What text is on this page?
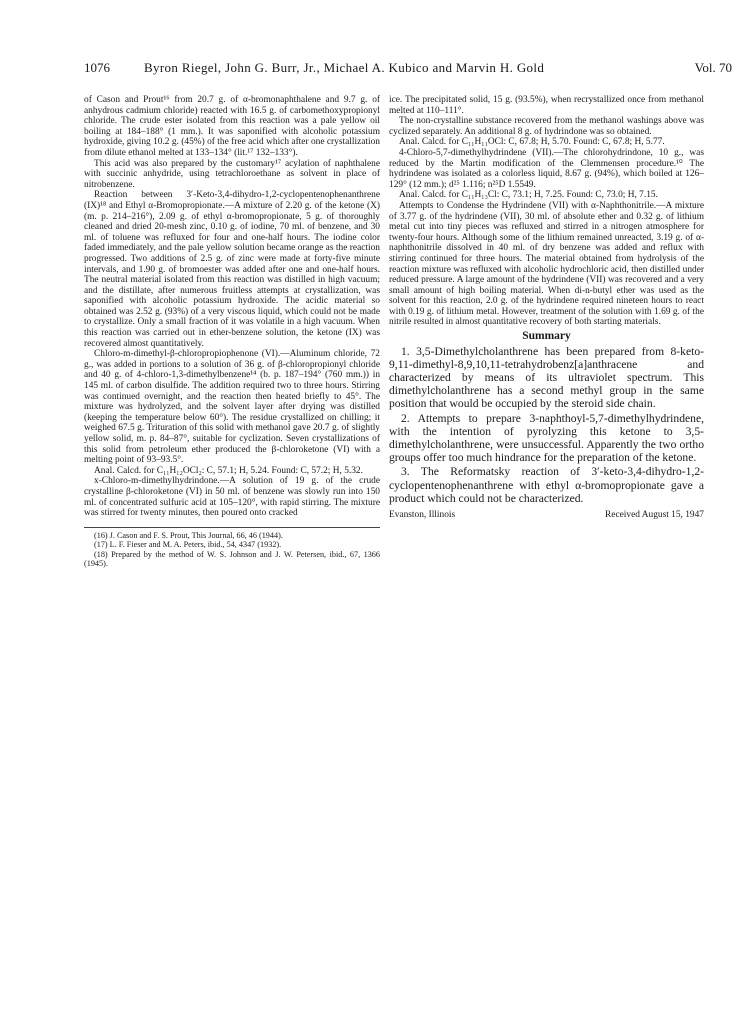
1076	Byron Riegel, John G. Burr, Jr., Michael A. Kubico and Marvin H. Gold	Vol. 70

of Cason and Prout¹⁶ from 20.7 g. of α-bromonaphthalene and 9.7 g. of anhydrous cadmium chloride) reacted with 16.5 g. of carbomethoxypropionyl chloride. The crude ester isolated from this reaction was a pale yellow oil boiling at 184–188° (1 mm.). It was saponified with alcoholic potassium hydroxide, giving 10.2 g. (45%) of the free acid which after one crystallization from dilute ethanol melted at 133–134° (lit.¹⁷ 132–133°).

This acid was also prepared by the customary¹⁷ acylation of naphthalene with succinic anhydride, using tetrachloroethane as solvent in place of nitrobenzene.

Reaction between 3′-Keto-3,4-dihydro-1,2-cyclopentenophenanthrene (IX)¹⁸ and Ethyl α-Bromopropionate.—A mixture of 2.20 g. of the ketone (X) (m. p. 214–216°), 2.09 g. of ethyl α-bromopropionate, 5 g. of thoroughly cleaned and dried 20-mesh zinc, 0.10 g. of iodine, 70 ml. of benzene, and 30 ml. of toluene was refluxed for four and one-half hours. The iodine color faded immediately, and the pale yellow solution became orange as the reaction progressed. Two additions of 2.5 g. of zinc were made at forty-five minute intervals, and 1.90 g. of bromoester was added after one and one-half hours. The neutral material isolated from this reaction was distilled in high vacuum; and the distillate, after numerous fruitless attempts at crystallization, was saponified with alcoholic potassium hydroxide. The acidic material so obtained was 2.52 g. (93%) of a very viscous liquid, which could not be made to crystallize. Only a small fraction of it was volatile in a high vacuum. When this reaction was carried out in ether-benzene solution, the ketone (IX) was recovered almost quantitatively.

Chloro-m-dimethyl-β-chloropropiophenone (VI).—Aluminum chloride, 72 g., was added in portions to a solution of 36 g. of β-chloropropionyl chloride and 40 g. of 4-chloro-1,3-dimethylbenzene¹⁴ (b. p. 187–194° (760 mm.)) in 145 ml. of carbon disulfide. The addition required two to three hours. Stirring was continued overnight, and the reaction then heated briefly to 45°. The mixture was hydrolyzed, and the solvent layer after drying was distilled (keeping the temperature below 60°). The residue crystallized on chilling; it weighed 67.5 g. Trituration of this solid with methanol gave 20.7 g. of slightly yellow solid, m. p. 84–87°, suitable for cyclization. Seven crystallizations of this solid from petroleum ether produced the β-chloroketone (VI) with a melting point of 93–93.5°.

Anal. Calcd. for C₁₁H₁₂OCl₂: C, 57.1; H, 5.24. Found: C, 57.2; H, 5.32.

x-Chloro-m-dimethylhydrindone.—A solution of 19 g. of the crude crystalline β-chloroketone (VI) in 50 ml. of benzene was slowly run into 150 ml. of concentrated sulfuric acid at 105–120°, with rapid stirring. The mixture was stirred for twenty minutes, then poured onto cracked

(16) J. Cason and F. S. Prout, This Journal, 66, 46 (1944).

(17) L. F. Fieser and M. A. Peters, ibid., 54, 4347 (1932).

(18) Prepared by the method of W. S. Johnson and J. W. Petersen, ibid., 67, 1366 (1945).

ice. The precipitated solid, 15 g. (93.5%), when recrystallized once from methanol melted at 110–111°.

The non-crystalline substance recovered from the methanol washings above was cyclized separately. An additional 8 g. of hydrindone was so obtained.

Anal. Calcd. for C₁₁H₁₁OCl: C, 67.8; H, 5.70. Found: C, 67.8; H, 5.77.

4-Chloro-5,7-dimethylhydrindene (VII).—The chlorohydrindone, 10 g., was reduced by the Martin modification of the Clemmensen procedure.¹⁰ The hydrindene was isolated as a colorless liquid, 8.67 g. (94%), which boiled at 126–129° (12 mm.); d²⁵ 1.116; n²⁵D 1.5549.

Anal. Calcd. for C₁₁H₁₃Cl: C, 73.1; H, 7.25. Found: C, 73.0; H, 7.15.

Attempts to Condense the Hydrindene (VII) with α-Naphthonitrile.—A mixture of 3.77 g. of the hydrindene (VII), 30 ml. of absolute ether and 0.32 g. of lithium metal cut into tiny pieces was refluxed and stirred in a nitrogen atmosphere for twenty-four hours. Although some of the lithium remained unreacted, 3.19 g. of α-naphthonitrile dissolved in 40 ml. of dry benzene was added and reflux with stirring continued for three hours. The material obtained from hydrolysis of the reaction mixture was refluxed with alcoholic hydrochloric acid, then distilled under reduced pressure. A large amount of the hydrindene (VII) was recovered and a very small amount of high boiling material. When di-n-butyl ether was used as the solvent for this reaction, 2.0 g. of the hydrindene required nineteen hours to react with 0.19 g. of lithium metal. However, treatment of the solution with 1.69 g. of the nitrile resulted in almost quantitative recovery of both starting materials.

Summary

1. 3,5-Dimethylcholanthrene has been prepared from 8-keto-9,11-dimethyl-8,9,10,11-tetrahydrobenz[a]anthracene and characterized by means of its ultraviolet spectrum. This dimethylcholanthrene has a second methyl group in the same position that would be occupied by the steroid side chain.

2. Attempts to prepare 3-naphthoyl-5,7-dimethylhydrindene, with the intention of pyrolyzing this ketone to 3,5-dimethylcholanthrene, were unsuccessful. Apparently the two ortho groups offer too much hindrance for the preparation of the ketone.

3. The Reformatsky reaction of 3′-keto-3,4-dihydro-1,2-cyclopentenophenanthrene with ethyl α-bromopropionate gave a product which could not be characterized.

Evanston, Illinois	Received August 15, 1947
